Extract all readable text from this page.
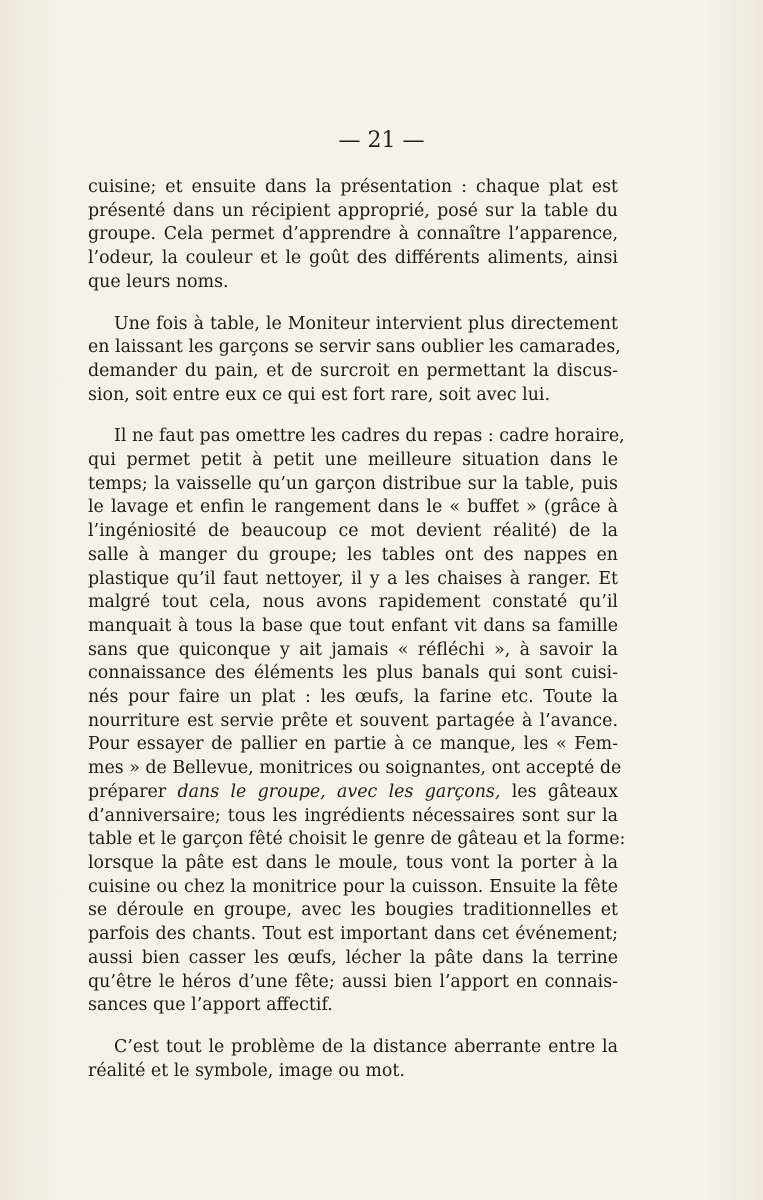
— 21 —

cuisine; et ensuite dans la présentation : chaque plat est
présenté dans un récipient approprié, posé sur la table du
groupe. Cela permet d’apprendre à connaître l’apparence,
l’odeur, la couleur et le goût des différents aliments, ainsi
que leurs noms.

Une fois à table, le Moniteur intervient plus directement
en laissant les garçons se servir sans oublier les camarades,
demander du pain, et de surcroit en permettant la discus-
sion, soit entre eux ce qui est fort rare, soit avec lui.

Il ne faut pas omettre les cadres du repas : cadre horaire,
qui permet petit à petit une meilleure situation dans le
temps; la vaisselle qu’un garçon distribue sur la table, puis
le lavage et enfin le rangement dans le « buffet » (grâce à
l’ingéniosité de beaucoup ce mot devient réalité) de la
salle à manger du groupe; les tables ont des nappes en
plastique qu’il faut nettoyer, il y a les chaises à ranger. Et
malgré tout cela, nous avons rapidement constaté qu’il
manquait à tous la base que tout enfant vit dans sa famille
sans que quiconque y ait jamais « réfléchi », à savoir la
connaissance des éléments les plus banals qui sont cuisi-
nés pour faire un plat : les œufs, la farine etc. Toute la
nourriture est servie prête et souvent partagée à l’avance.
Pour essayer de pallier en partie à ce manque, les « Fem-
mes » de Bellevue, monitrices ou soignantes, ont accepté de
préparer dans le groupe, avec les garçons, les gâteaux
d’anniversaire; tous les ingrédients nécessaires sont sur la
table et le garçon fêté choisit le genre de gâteau et la forme:
lorsque la pâte est dans le moule, tous vont la porter à la
cuisine ou chez la monitrice pour la cuisson. Ensuite la fête
se déroule en groupe, avec les bougies traditionnelles et
parfois des chants. Tout est important dans cet événement;
aussi bien casser les œufs, lécher la pâte dans la terrine
qu’être le héros d’une fête; aussi bien l’apport en connais-
sances que l’apport affectif.

C’est tout le problème de la distance aberrante entre la
réalité et le symbole, image ou mot.
